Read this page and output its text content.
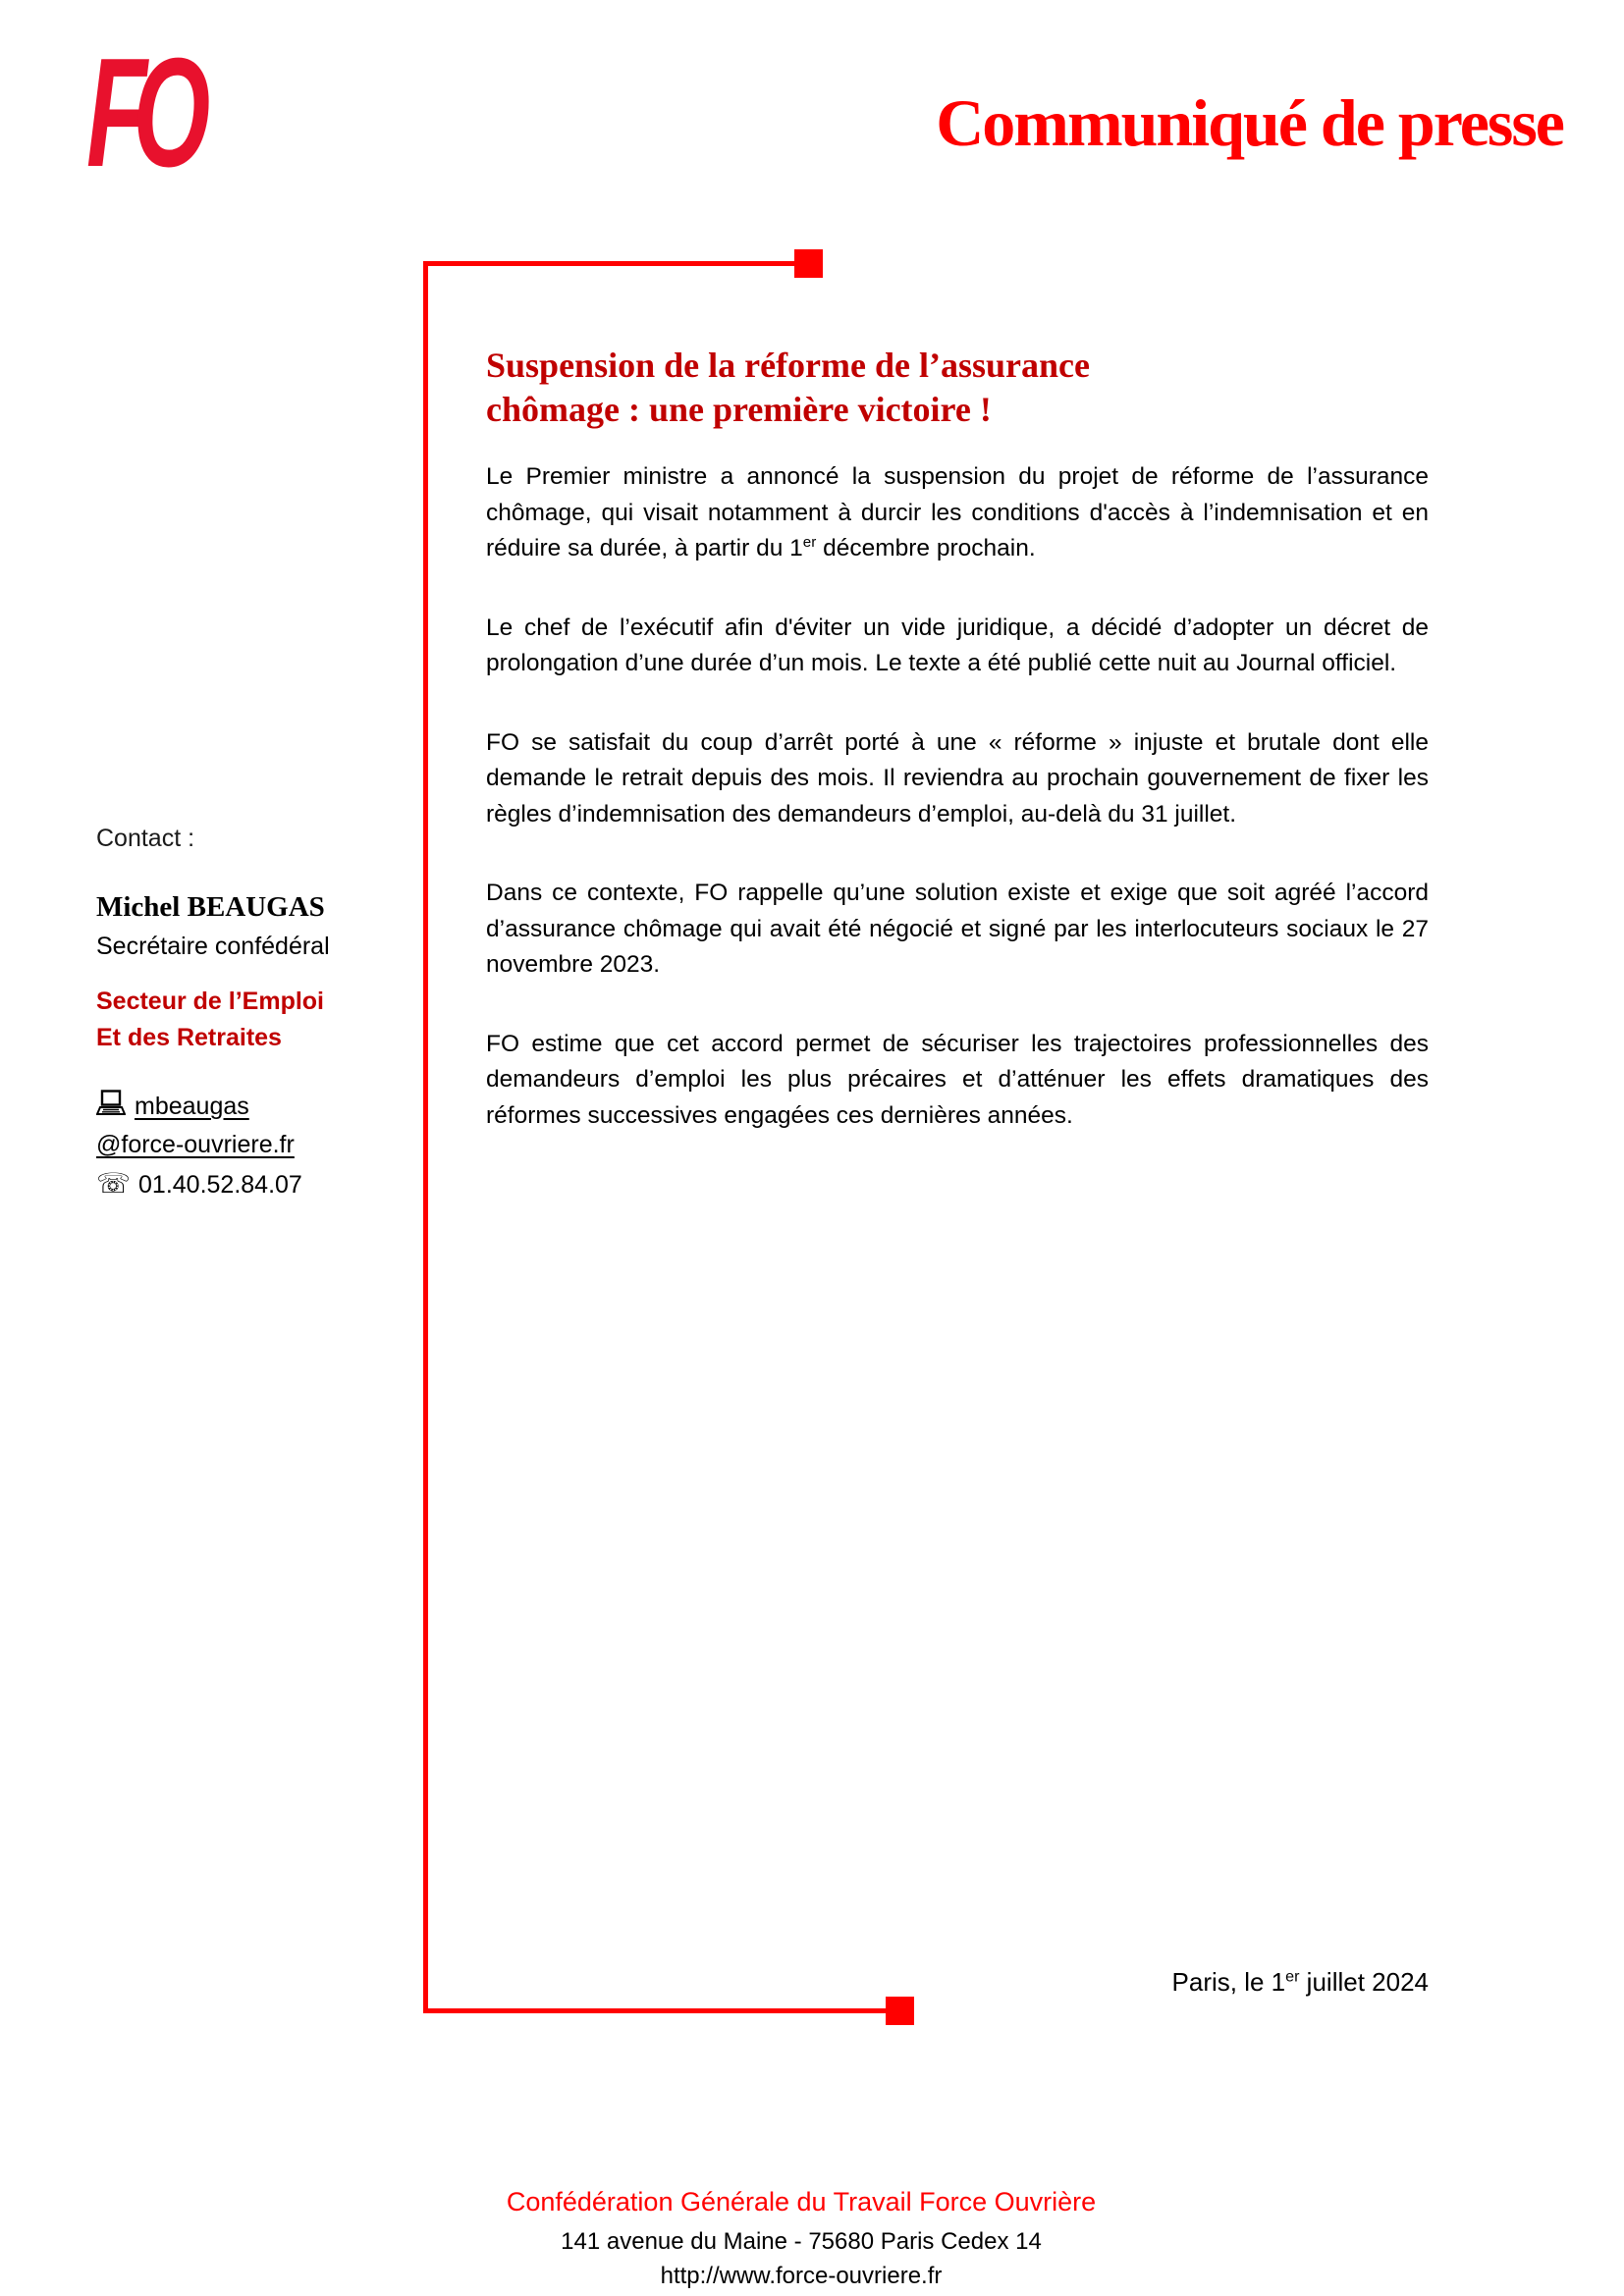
FO	Communiqué de presse
Contact :
Michel BEAUGAS
Secrétaire confédéral
Secteur de l’Emploi
Et des Retraites
mbeaugas
@force-ouvriere.fr
☏ 01.40.52.84.07
Suspension de la réforme de l’assurance
chômage : une première victoire !

Le Premier ministre a annoncé la suspension du projet de réforme de l’assurance chômage, qui visait notamment à durcir les conditions d'accès à l’indemnisation et en réduire sa durée, à partir du 1er décembre prochain.

Le chef de l’exécutif afin d'éviter un vide juridique, a décidé d’adopter un décret de prolongation d’une durée d’un mois. Le texte a été publié cette nuit au Journal officiel.

FO se satisfait du coup d’arrêt porté à une « réforme » injuste et brutale dont elle demande le retrait depuis des mois. Il reviendra au prochain gouvernement de fixer les règles d’indemnisation des demandeurs d’emploi, au-delà du 31 juillet.

Dans ce contexte, FO rappelle qu’une solution existe et exige que soit agréé l’accord d’assurance chômage qui avait été négocié et signé par les interlocuteurs sociaux le 27 novembre 2023.

FO estime que cet accord permet de sécuriser les trajectoires professionnelles des demandeurs d’emploi les plus précaires et d’atténuer les effets dramatiques des réformes successives engagées ces dernières années.

Paris, le 1er juillet 2024
Confédération Générale du Travail Force Ouvrière
141 avenue du Maine - 75680 Paris Cedex 14
http://www.force-ouvriere.fr
